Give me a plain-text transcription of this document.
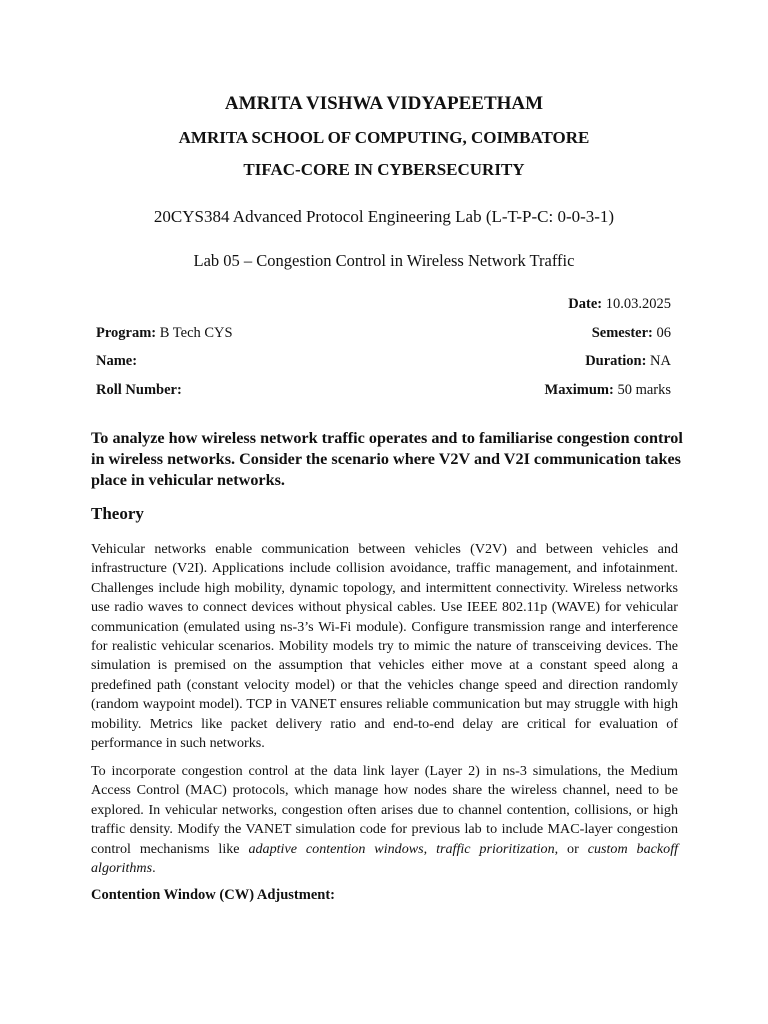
AMRITA VISHWA VIDYAPEETHAM
AMRITA SCHOOL OF COMPUTING, COIMBATORE
TIFAC-CORE IN CYBERSECURITY
20CYS384 Advanced Protocol Engineering Lab (L-T-P-C: 0-0-3-1)
Lab 05 – Congestion Control in Wireless Network Traffic
Date: 10.03.2025
Program: B Tech CYS	Semester: 06
Name:	Duration: NA
Roll Number:	Maximum: 50 marks
To analyze how wireless network traffic operates and to familiarise congestion control in wireless networks. Consider the scenario where V2V and V2I communication takes place in vehicular networks.
Theory

Vehicular networks enable communication between vehicles (V2V) and between vehicles and infrastructure (V2I). Applications include collision avoidance, traffic management, and infotainment. Challenges include high mobility, dynamic topology, and intermittent connectivity. Wireless networks use radio waves to connect devices without physical cables. Use IEEE 802.11p (WAVE) for vehicular communication (emulated using ns-3’s Wi-Fi module). Configure transmission range and interference for realistic vehicular scenarios. Mobility models try to mimic the nature of transceiving devices. The simulation is premised on the assumption that vehicles either move at a constant speed along a predefined path (constant velocity model) or that the vehicles change speed and direction randomly (random waypoint model). TCP in VANET ensures reliable communication but may struggle with high mobility. Metrics like packet delivery ratio and end-to-end delay are critical for evaluation of performance in such networks.

To incorporate congestion control at the data link layer (Layer 2) in ns-3 simulations, the Medium Access Control (MAC) protocols, which manage how nodes share the wireless channel, need to be explored. In vehicular networks, congestion often arises due to channel contention, collisions, or high traffic density. Modify the VANET simulation code for previous lab to include MAC-layer congestion control mechanisms like adaptive contention windows, traffic prioritization, or custom backoff algorithms.

Contention Window (CW) Adjustment:
